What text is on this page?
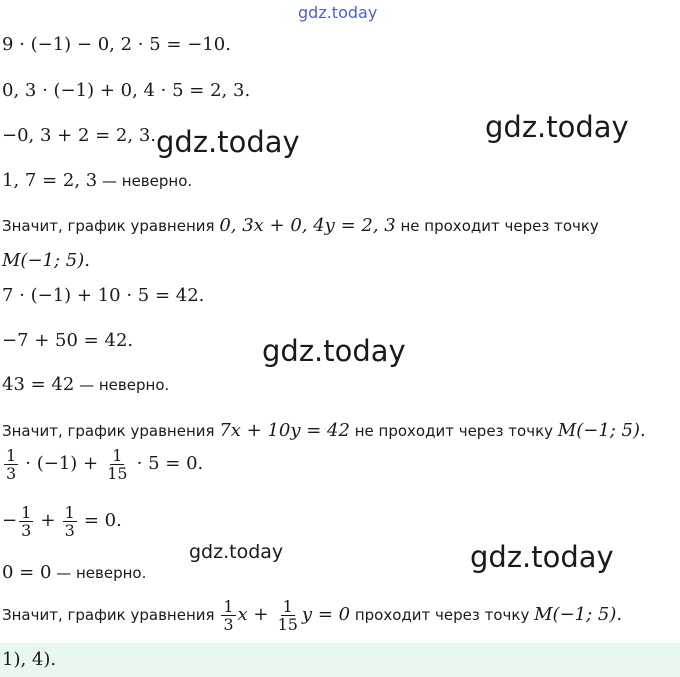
gdz.today
gdz.today	gdz.today
gdz.today
gdz.today	gdz.today
9 · (−1) − 0, 2 · 5 = −10.
0, 3 · (−1) + 0, 4 · 5 = 2, 3.
−0, 3 + 2 = 2, 3.
1, 7 = 2, 3 — неверно.
Значит, график уравнения 0, 3x + 0, 4y = 2, 3 не проходит через точку
M(−1; 5).
7 · (−1) + 10 · 5 = 42.
−7 + 50 = 42.
43 = 42 — неверно.
Значит, график уравнения 7x + 10y = 42 не проходит через точку M(−1; 5).
$\frac{1}{3} \cdot (-1) + \frac{1}{15} \cdot 5 = 0$.
− $\frac{1}{3} + \frac{1}{3} = 0$.
0 = 0 — неверно.
Значит, график уравнения $\frac{1}{3}$ $x + \frac{1}{15}$ y = 0 проходит через точку M(−1; 5).
1), 4).
